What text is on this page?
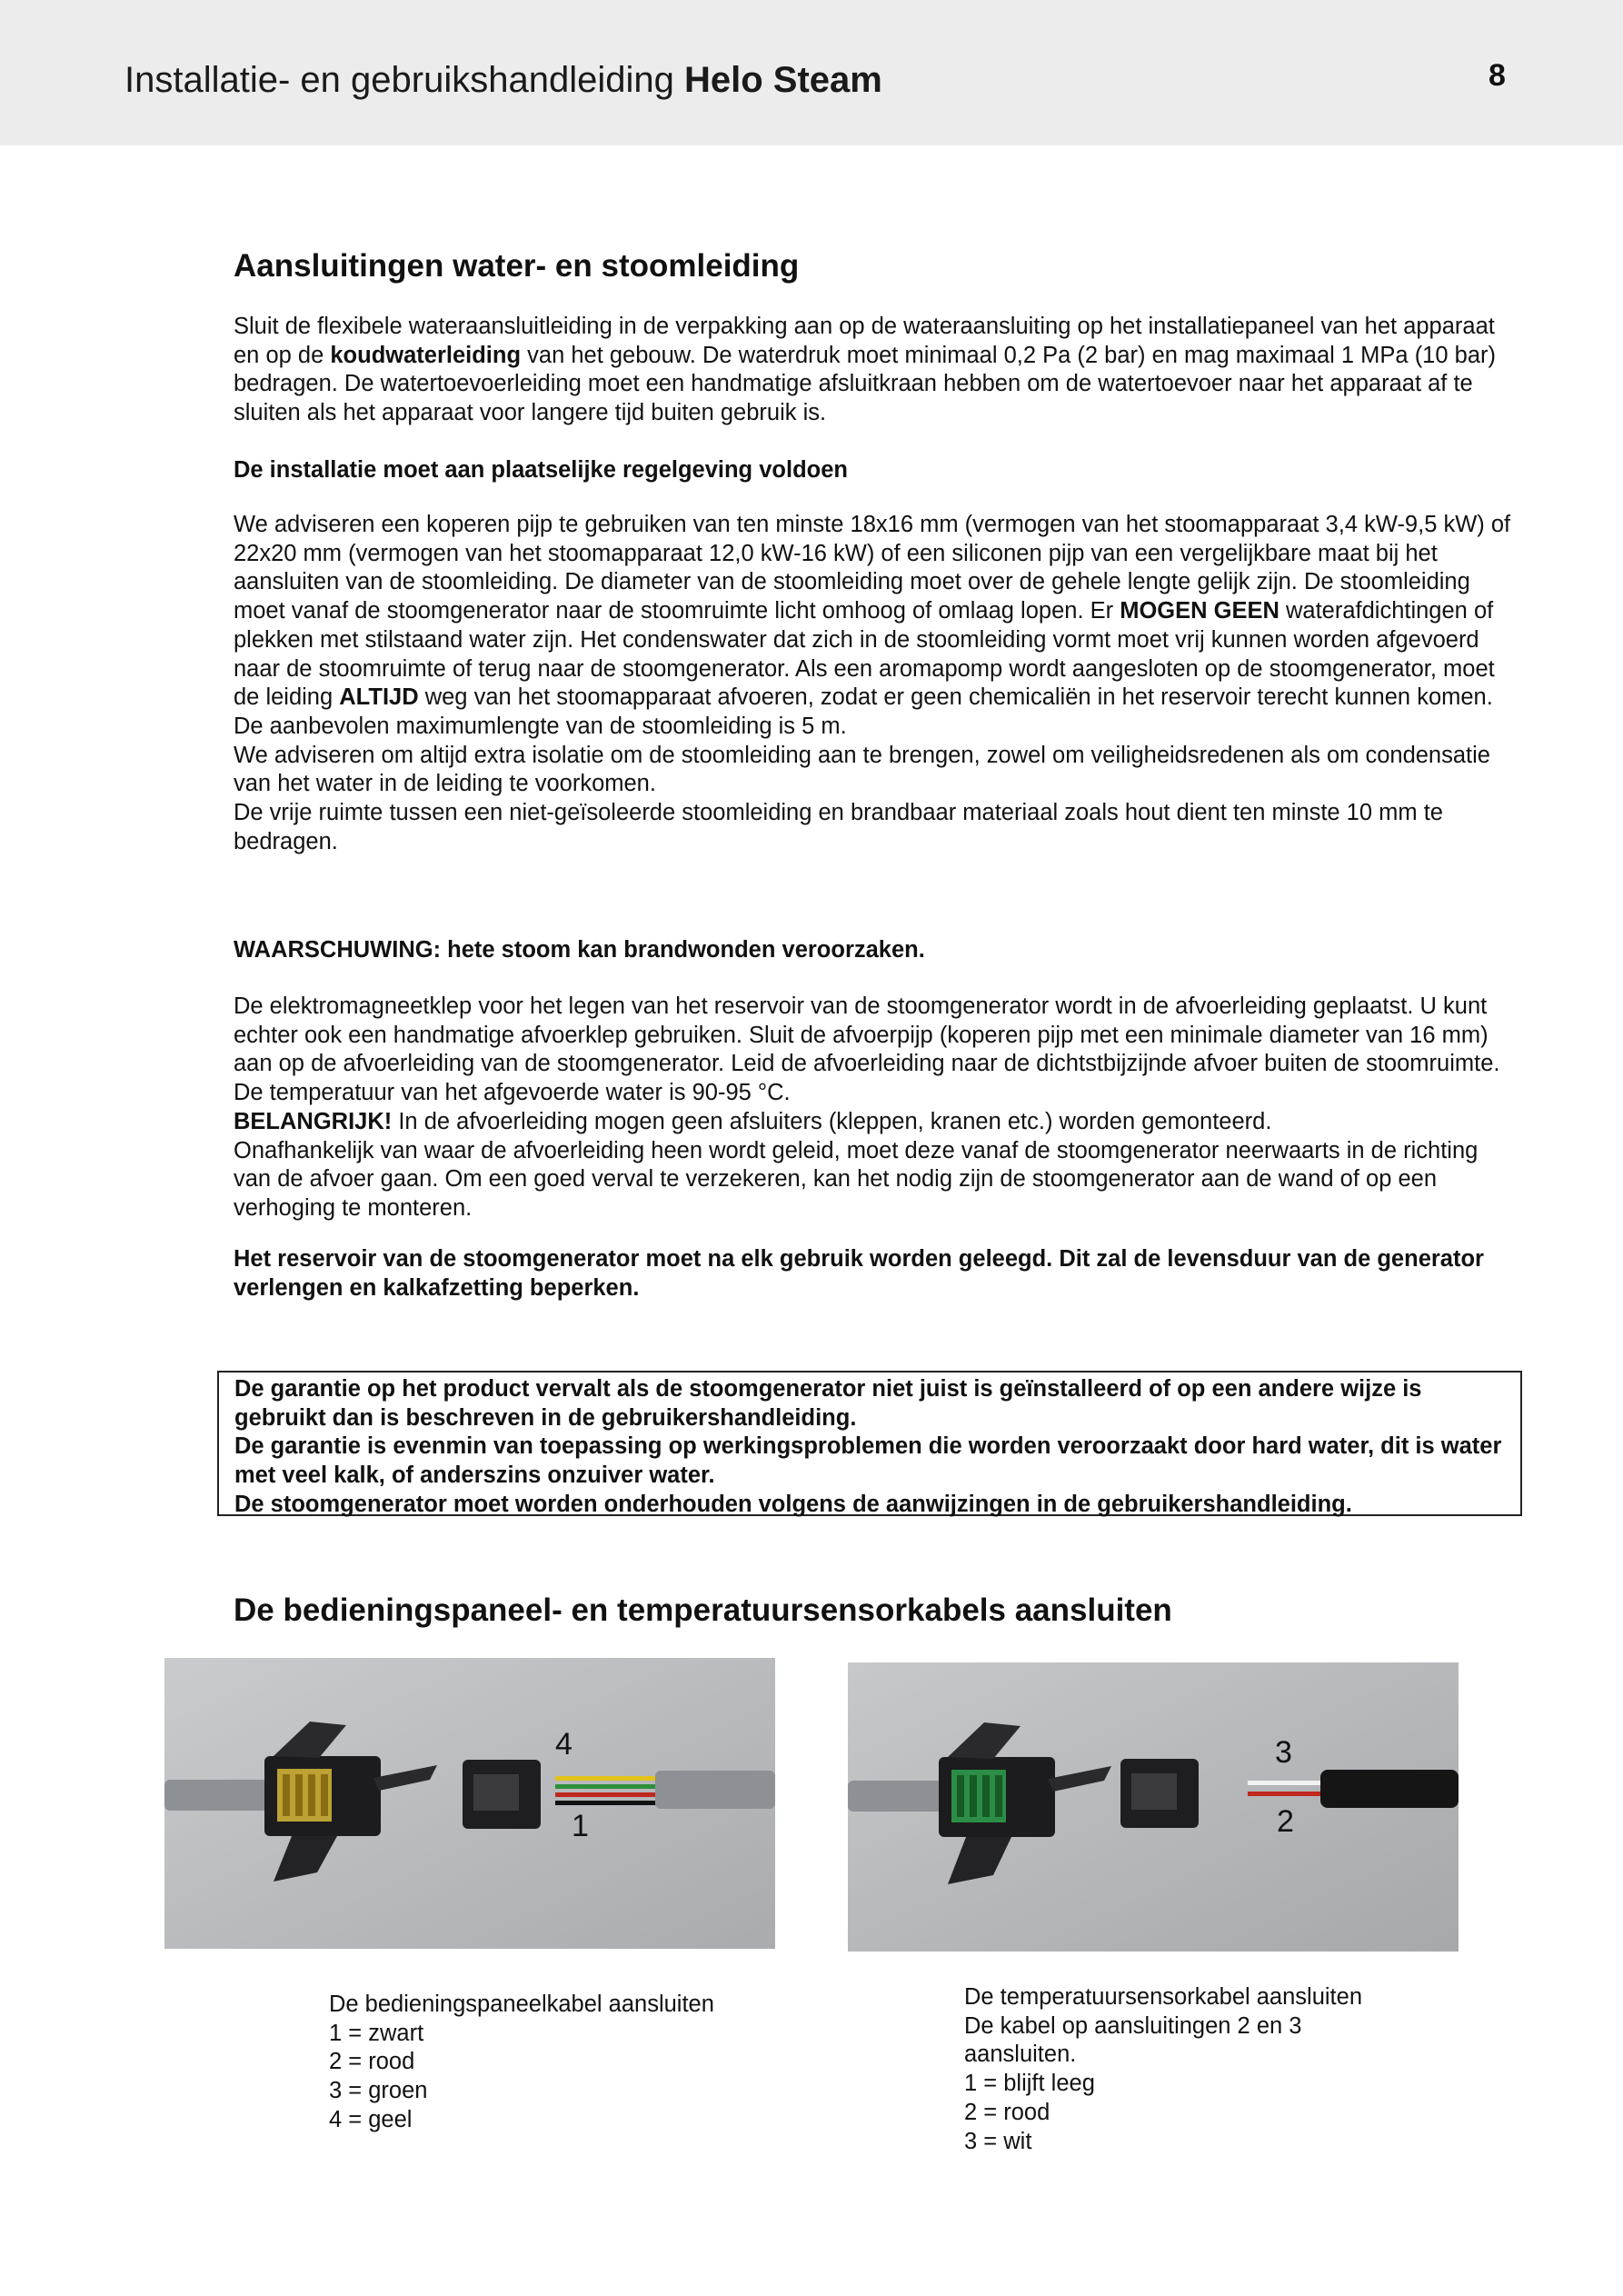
Installatie- en gebruikshandleiding Helo Steam	8
Aansluitingen water- en stoomleiding

Sluit de flexibele wateraansluitleiding in de verpakking aan op de wateraansluiting op het installatiepaneel van het apparaat en op de koudwaterleiding van het gebouw. De waterdruk moet minimaal 0,2 Pa (2 bar) en mag maximaal 1 MPa (10 bar) bedragen. De watertoevoerleiding moet een handmatige afsluitkraan hebben om de watertoevoer naar het apparaat af te sluiten als het apparaat voor langere tijd buiten gebruik is.

De installatie moet aan plaatselijke regelgeving voldoen

We adviseren een koperen pijp te gebruiken van ten minste 18x16 mm (vermogen van het stoomapparaat 3,4 kW-9,5 kW) of 22x20 mm (vermogen van het stoomapparaat 12,0 kW-16 kW) of een siliconen pijp van een vergelijkbare maat bij het aansluiten van de stoomleiding. De diameter van de stoomleiding moet over de gehele lengte gelijk zijn. De stoomleiding moet vanaf de stoomgenerator naar de stoomruimte licht omhoog of omlaag lopen. Er MOGEN GEEN waterafdichtingen of plekken met stilstaand water zijn. Het condenswater dat zich in de stoomleiding vormt moet vrij kunnen worden afgevoerd naar de stoomruimte of terug naar de stoomgenerator. Als een aromapomp wordt aangesloten op de stoomgenerator, moet de leiding ALTIJD weg van het stoomapparaat afvoeren, zodat er geen chemicaliën in het reservoir terecht kunnen komen.
De aanbevolen maximumlengte van de stoomleiding is 5 m.
We adviseren om altijd extra isolatie om de stoomleiding aan te brengen, zowel om veiligheidsredenen als om condensatie van het water in de leiding te voorkomen.
De vrije ruimte tussen een niet-geïsoleerde stoomleiding en brandbaar materiaal zoals hout dient ten minste 10 mm te bedragen.

WAARSCHUWING: hete stoom kan brandwonden veroorzaken.

De elektromagneetklep voor het legen van het reservoir van de stoomgenerator wordt in de afvoerleiding geplaatst. U kunt echter ook een handmatige afvoerklep gebruiken. Sluit de afvoerpijp (koperen pijp met een minimale diameter van 16 mm) aan op de afvoerleiding van de stoomgenerator. Leid de afvoerleiding naar de dichtstbijzijnde afvoer buiten de stoomruimte. De temperatuur van het afgevoerde water is 90-95 °C.
BELANGRIJK! In de afvoerleiding mogen geen afsluiters (kleppen, kranen etc.) worden gemonteerd.
Onafhankelijk van waar de afvoerleiding heen wordt geleid, moet deze vanaf de stoomgenerator neerwaarts in de richting van de afvoer gaan. Om een goed verval te verzekeren, kan het nodig zijn de stoomgenerator aan de wand of op een verhoging te monteren.

Het reservoir van de stoomgenerator moet na elk gebruik worden geleegd. Dit zal de levensduur van de generator verlengen en kalkafzetting beperken.

De garantie op het product vervalt als de stoomgenerator niet juist is geïnstalleerd of op een andere wijze is gebruikt dan is beschreven in de gebruikershandleiding.
De garantie is evenmin van toepassing op werkingsproblemen die worden veroorzaakt door hard water, dit is water met veel kalk, of anderszins onzuiver water.
De stoomgenerator moet worden onderhouden volgens de aanwijzingen in de gebruikershandleiding.
De bedieningspaneel- en temperatuursensorkabels aansluiten
4
1
3
2
De bedieningspaneelkabel aansluiten
1 = zwart
2 = rood
3 = groen
4 = geel
De temperatuursensorkabel aansluiten
De kabel op aansluitingen 2 en 3
aansluiten.
1 = blijft leeg
2 = rood
3 = wit
